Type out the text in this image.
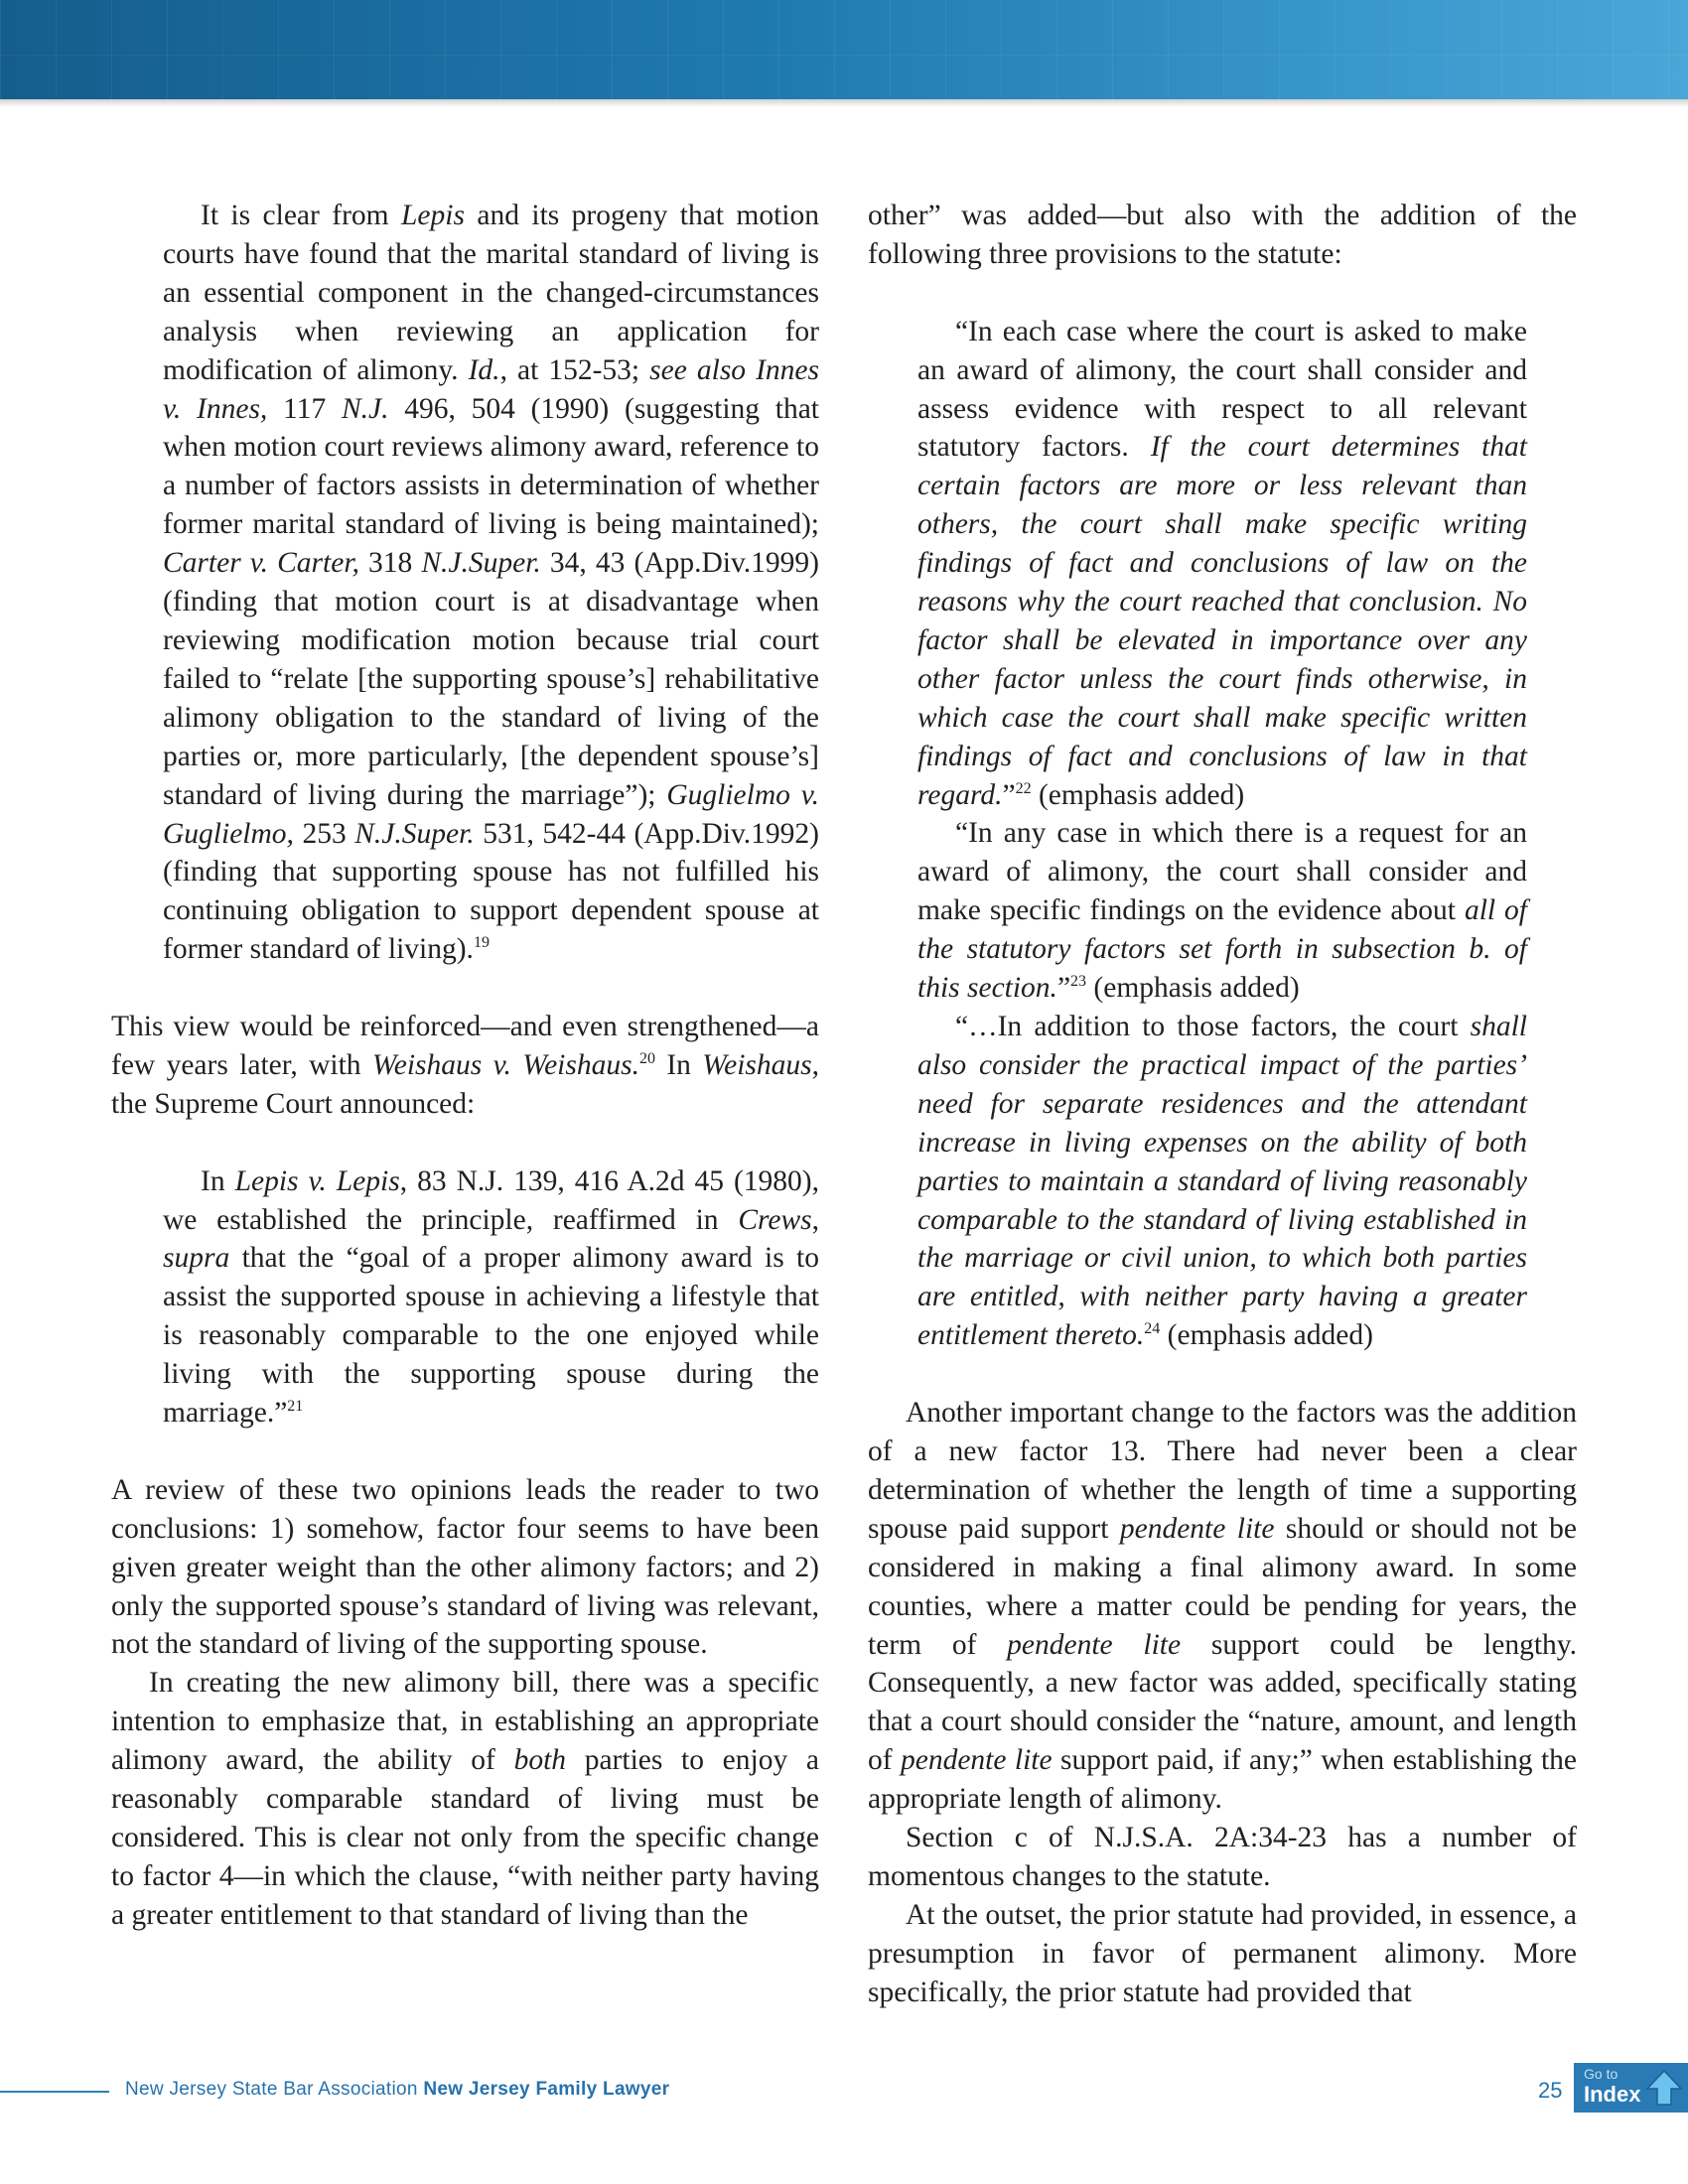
It is clear from Lepis and its progeny that motion courts have found that the marital standard of living is an essential component in the changed-circumstances analysis when reviewing an application for modification of alimony. Id., at 152-53; see also Innes v. Innes, 117 N.J. 496, 504 (1990) (suggesting that when motion court reviews alimony award, reference to a number of factors assists in determination of whether former marital standard of living is being maintained); Carter v. Carter, 318 N.J.Super. 34, 43 (App.Div.1999) (finding that motion court is at disadvantage when reviewing modification motion because trial court failed to “relate [the supporting spouse’s] rehabilitative alimony obligation to the standard of living of the parties or, more particularly, [the dependent spouse’s] standard of living during the marriage”); Guglielmo v. Guglielmo, 253 N.J.Super. 531, 542-44 (App.Div.1992) (finding that supporting spouse has not fulfilled his continuing obligation to support dependent spouse at former standard of living).$^{19}$

This view would be reinforced—and even strengthened—a few years later, with Weishaus v. Weishaus.$^{20}$ In Weishaus, the Supreme Court announced:

In Lepis v. Lepis, 83 N.J. 139, 416 A.2d 45 (1980), we established the principle, reaffirmed in Crews, supra that the “goal of a proper alimony award is to assist the supported spouse in achieving a lifestyle that is reasonably comparable to the one enjoyed while living with the supporting spouse during the marriage.”$^{21}$

A review of these two opinions leads the reader to two conclusions: 1) somehow, factor four seems to have been given greater weight than the other alimony factors; and 2) only the supported spouse’s standard of living was relevant, not the standard of living of the supporting spouse.

In creating the new alimony bill, there was a specific intention to emphasize that, in establishing an appropriate alimony award, the ability of both parties to enjoy a reasonably comparable standard of living must be considered. This is clear not only from the specific change to factor 4—in which the clause, “with neither party having a greater entitlement to that standard of living than the

other” was added—but also with the addition of the following three provisions to the statute:

“In each case where the court is asked to make an award of alimony, the court shall consider and assess evidence with respect to all relevant statutory factors. If the court determines that certain factors are more or less relevant than others, the court shall make specific writing findings of fact and conclusions of law on the reasons why the court reached that conclusion. No factor shall be elevated in importance over any other factor unless the court finds otherwise, in which case the court shall make specific written findings of fact and conclusions of law in that regard.”$^{22}$ (emphasis added)

“In any case in which there is a request for an award of alimony, the court shall consider and make specific findings on the evidence about all of the statutory factors set forth in subsection b. of this section.”$^{23}$ (emphasis added)

“…In addition to those factors, the court shall also consider the practical impact of the parties’ need for separate residences and the attendant increase in living expenses on the ability of both parties to maintain a standard of living reasonably comparable to the standard of living established in the marriage or civil union, to which both parties are entitled, with neither party having a greater entitlement thereto.$^{24}$ (emphasis added)

Another important change to the factors was the addition of a new factor 13. There had never been a clear determination of whether the length of time a supporting spouse paid support pendente lite should or should not be considered in making a final alimony award. In some counties, where a matter could be pending for years, the term of pendente lite support could be lengthy. Consequently, a new factor was added, specifically stating that a court should consider the “nature, amount, and length of pendente lite support paid, if any;” when establishing the appropriate length of alimony.

Section c of N.J.S.A. 2A:34-23 has a number of momentous changes to the statute.

At the outset, the prior statute had provided, in essence, a presumption in favor of permanent alimony. More specifically, the prior statute had provided that

New Jersey State Bar Association New Jersey Family Lawyer	25
Go to
Index
